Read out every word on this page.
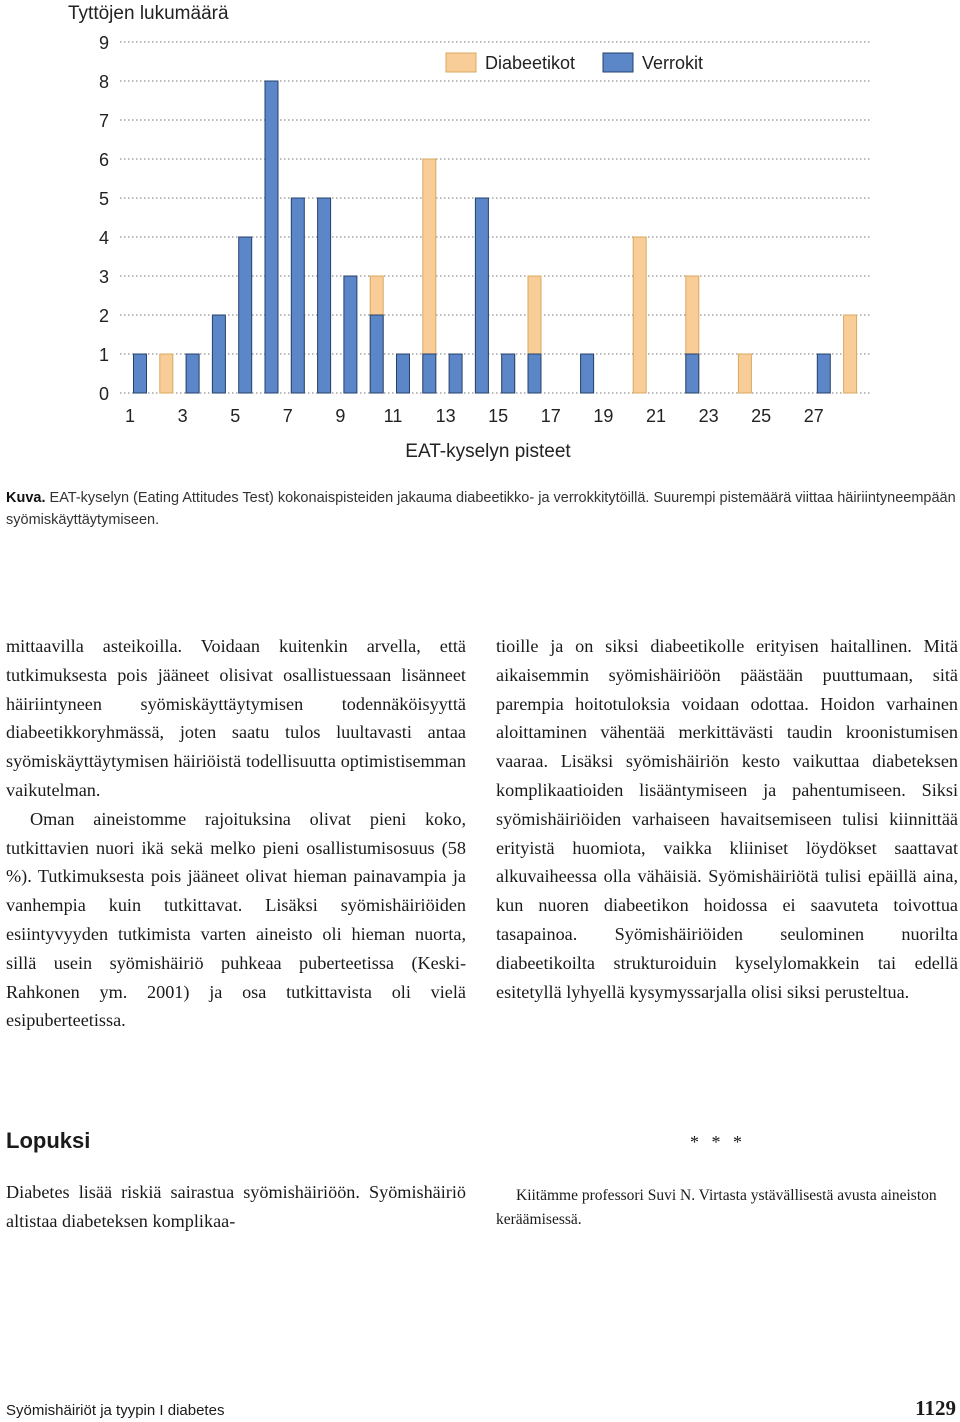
Tyttöjen lukumäärä
0
1
2
3
4
5
6
7
8
9
1 3 5 7 9 11 13 15 17 19 21 23 25 27
Diabeetikot	Verrokit
EAT-kyselyn pisteet
Kuva. EAT-kyselyn (Eating Attitudes Test) kokonaispisteiden jakauma diabeetikko- ja verrokkitytöillä. Suurempi pistemäärä viittaa häiriintyneempään syömiskäyttäytymiseen.

mittaavilla asteikoilla. Voidaan kuitenkin arvella, että tutkimuksesta pois jääneet olisivat osallistuessaan lisänneet häiriintyneen syömiskäyttäytymisen todennäköisyyttä diabeetikkoryhmässä, joten saatu tulos luultavasti antaa syömiskäyttäytymisen häiriöistä todellisuutta optimistisemman vaikutelman.

Oman aineistomme rajoituksina olivat pieni koko, tutkittavien nuori ikä sekä melko pieni osallistumisosuus (58 %). Tutkimuksesta pois jääneet olivat hieman painavampia ja vanhempia kuin tutkittavat. Lisäksi syömishäiriöiden esiintyvyyden tutkimista varten aineisto oli hieman nuorta, sillä usein syömishäiriö puhkeaa puberteetissa (Keski-Rahkonen ym. 2001) ja osa tutkittavista oli vielä esipuberteetissa.

tioille ja on siksi diabeetikolle erityisen haitallinen. Mitä aikaisemmin syömishäiriöön päästään puuttumaan, sitä parempia hoitotuloksia voidaan odottaa. Hoidon varhainen aloittaminen vähentää merkittävästi taudin kroonistumisen vaaraa. Lisäksi syömishäiriön kesto vaikuttaa diabeteksen komplikaatioiden lisääntymiseen ja pahentumiseen. Siksi syömishäiriöiden varhaiseen havaitsemiseen tulisi kiinnittää erityistä huomiota, vaikka kliiniset löydökset saattavat alkuvaiheessa olla vähäisiä. Syömishäiriötä tulisi epäillä aina, kun nuoren diabeetikon hoidossa ei saavuteta toivottua tasapainoa. Syömishäiriöiden seulominen nuorilta diabeetikoilta strukturoiduin kyselylomakkein tai edellä esitetyllä lyhyellä kysymyssarjalla olisi siksi perusteltua.

Lopuksi
Diabetes lisää riskiä sairastua syömishäiriöön. Syömishäiriö altistaa diabeteksen komplikaa-
* * *

Kiitämme professori Suvi N. Virtasta ystävällisestä avusta aineiston keräämisessä.

Syömishäiriöt ja tyypin I diabetes	1129
